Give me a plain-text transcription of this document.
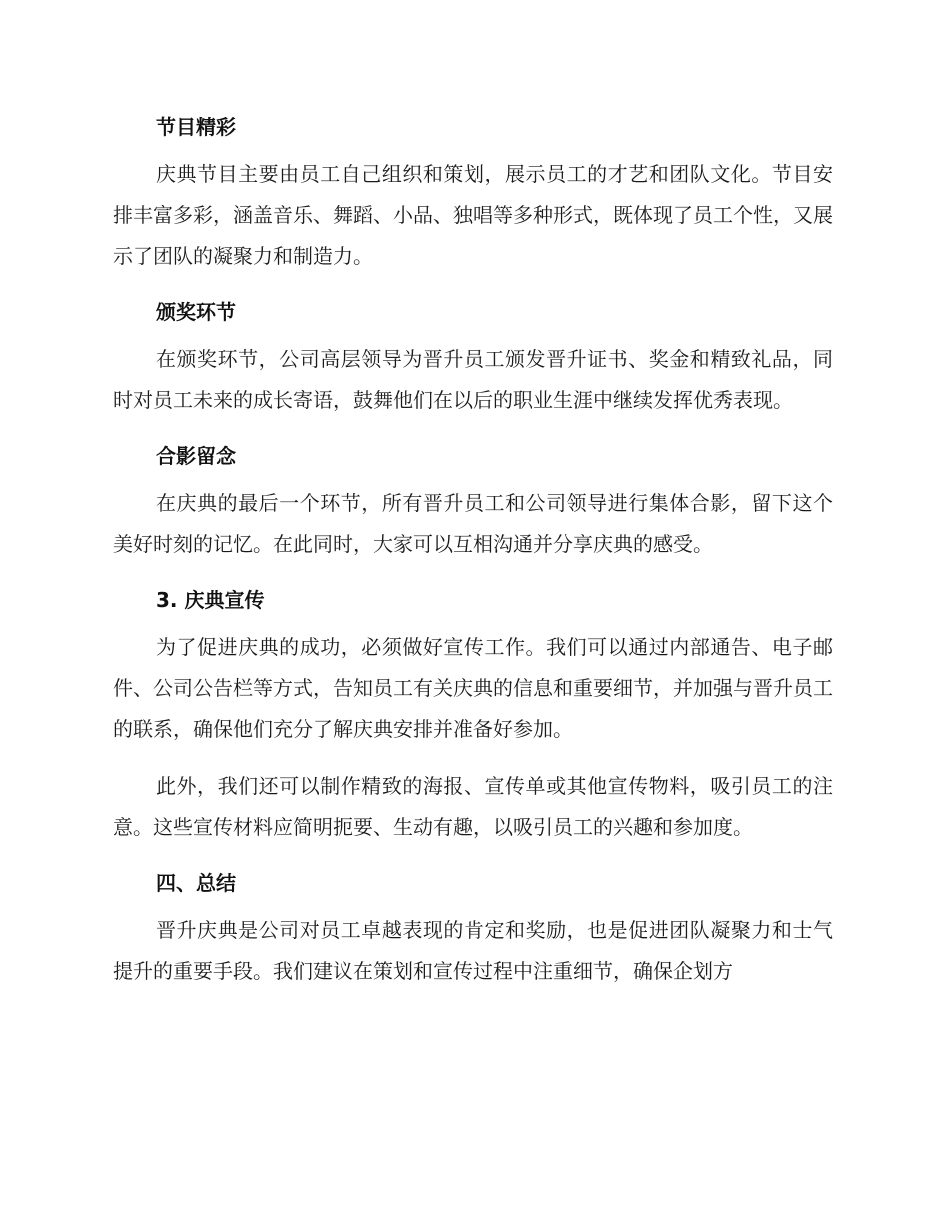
节目精彩

庆典节目主要由员工自己组织和策划，展示员工的才艺和团队文化。节目安排丰富多彩，涵盖音乐、舞蹈、小品、独唱等多种形式，既体现了员工个性，又展示了团队的凝聚力和制造力。

颁奖环节

在颁奖环节，公司高层领导为晋升员工颁发晋升证书、奖金和精致礼品，同时对员工未来的成长寄语，鼓舞他们在以后的职业生涯中继续发挥优秀表现。

合影留念

在庆典的最后一个环节，所有晋升员工和公司领导进行集体合影，留下这个美好时刻的记忆。在此同时，大家可以互相沟通并分享庆典的感受。

3. 庆典宣传

为了促进庆典的成功，必须做好宣传工作。我们可以通过内部通告、电子邮件、公司公告栏等方式，告知员工有关庆典的信息和重要细节，并加强与晋升员工的联系，确保他们充分了解庆典安排并准备好参加。

此外，我们还可以制作精致的海报、宣传单或其他宣传物料，吸引员工的注意。这些宣传材料应简明扼要、生动有趣，以吸引员工的兴趣和参加度。

四、总结

晋升庆典是公司对员工卓越表现的肯定和奖励，也是促进团队凝聚力和士气提升的重要手段。我们建议在策划和宣传过程中注重细节，确保企划方
